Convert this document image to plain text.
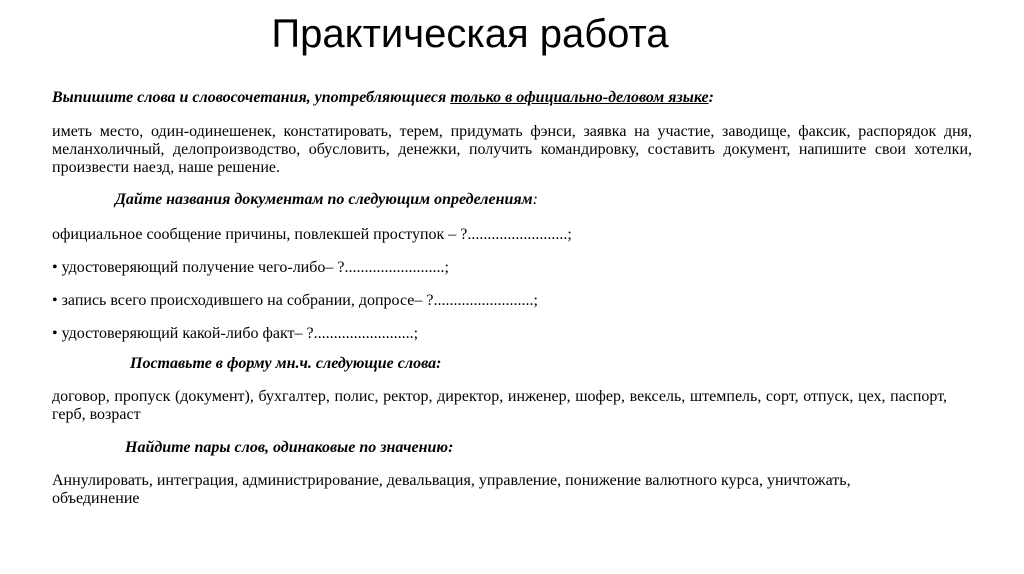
Практическая работа
Выпишите слова и словосочетания, употребляющиеся только в официально-деловом языке:
иметь место, один-одинешенек, констатировать, терем, придумать фэнси, заявка на участие, заводище, факсик, распорядок дня, меланхоличный, делопроизводство, обусловить, денежки, получить командировку, составить документ, напишите свои хотелки, произвести наезд, наше решение.
Дайте названия документам по следующим определениям:
официальное сообщение причины, повлекшей проступок – ?.........................;
• удостоверяющий получение чего-либо– ?.........................;
• запись всего происходившего на собрании, допросе– ?.........................;
• удостоверяющий какой-либо факт– ?.........................;
Поставьте в форму мн.ч. следующие слова:
договор, пропуск (документ), бухгалтер, полис, ректор, директор, инженер, шофер, вексель, штемпель, сорт, отпуск, цех, паспорт, герб, возраст
Найдите пары слов, одинаковые по значению:
Аннулировать, интеграция, администрирование, девальвация, управление, понижение валютного курса, уничтожать, объединение
